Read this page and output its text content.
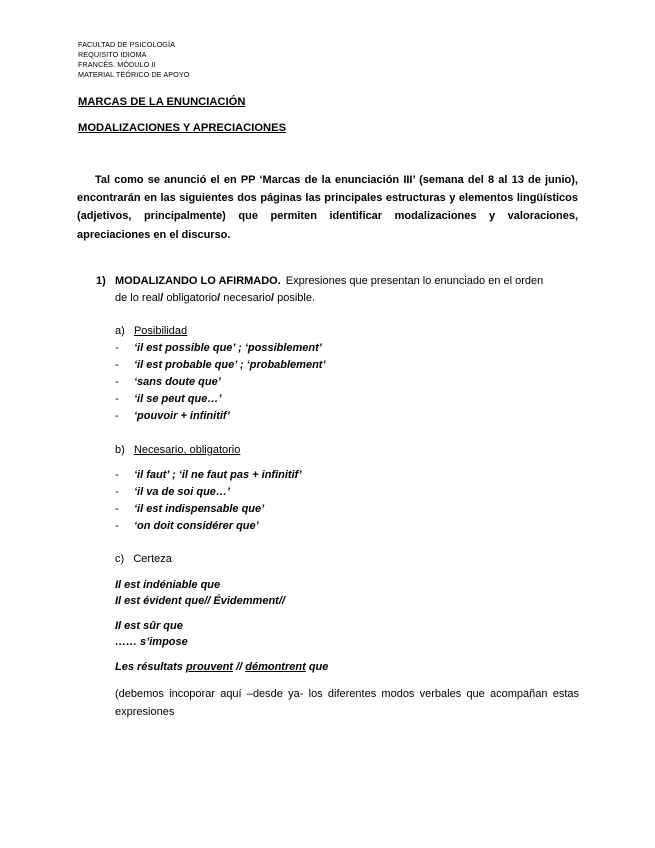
FACULTAD DE PSICOLOGÍA
REQUISITO IDIOMA
FRANCÉS. MÓDULO II
MATERIAL TEÓRICO DE APOYO
MARCAS DE LA ENUNCIACIÓN
MODALIZACIONES Y APRECIACIONES
Tal como se anunció el en PP ‘Marcas de la enunciación III’ (semana del 8 al 13 de junio), encontrarán en las siguientes dos páginas las principales estructuras y elementos lingüísticos (adjetivos, principalmente) que permiten identificar modalizaciones y valoraciones, apreciaciones en el discurso.
1) MODALIZANDO LO AFIRMADO. Expresiones que presentan lo enunciado en el orden
de lo real/ obligatorio/ necesario/ posible.
a) Posibilidad
- ‘il est possible que’ ; ‘possiblement’
- ‘il est probable que’ ; ‘probablement’
- ‘sans doute que’
- ‘il se peut que…’
- ‘pouvoir + infinitif’
b) Necesario, obligatorio
- ‘il faut’ ; ‘il ne faut pas + infinitif’
- ‘il va de soi que…’
- ‘il est indispensable que’
- ‘on doit considérer que’
c) Certeza
Il est indéniable que
Il est évident que// Évidemment//
Il est sûr que
…… s’impose
Les résultats prouvent // démontrent que
(debemos incoporar aquí –desde ya- los diferentes modos verbales que acompañan estas expresiones
